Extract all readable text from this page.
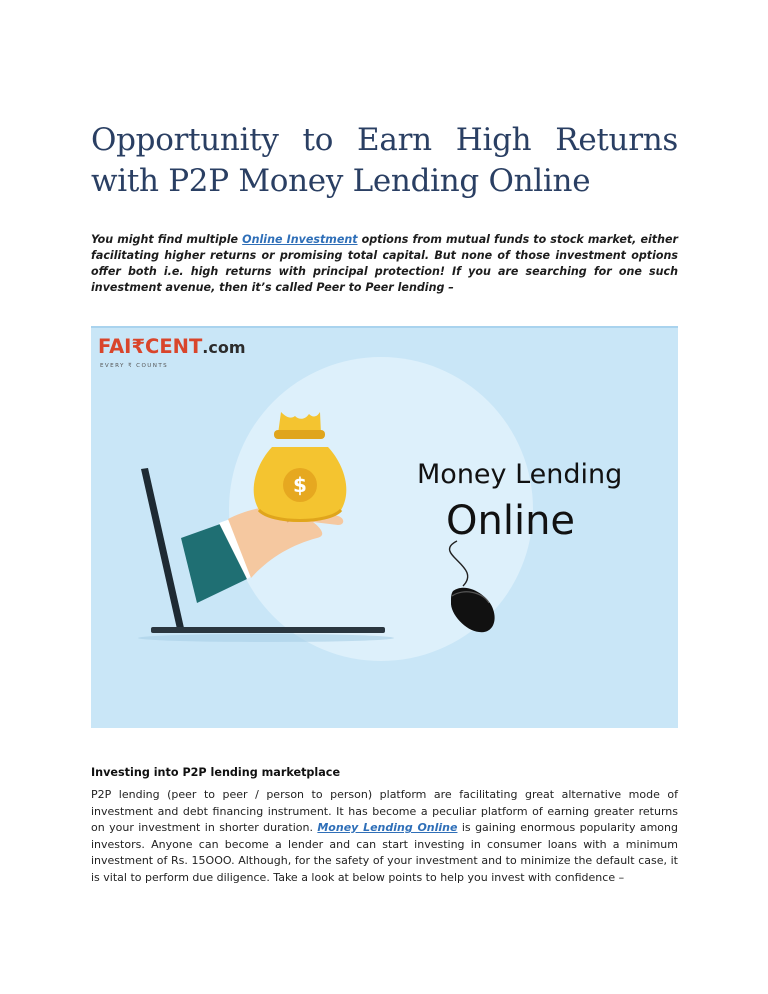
Opportunity to Earn High Returns with P2P Money Lending Online

You might find multiple Online Investment options from mutual funds to stock market, either facilitating higher returns or promising total capital. But none of those investment options offer both i.e. high returns with principal protection! If you are searching for one such investment avenue, then it’s called Peer to Peer lending –

FAI₹CENT.com
EVERY ₹ COUNTS
$	Money Lending
Online
Investing into P2P lending marketplace

P2P lending (peer to peer / person to person) platform are facilitating great alternative mode of investment and debt financing instrument. It has become a peculiar platform of earning greater returns on your investment in shorter duration. Money Lending Online is gaining enormous popularity among investors. Anyone can become a lender and can start investing in consumer loans with a minimum investment of Rs. 15OOO. Although, for the safety of your investment and to minimize the default case, it is vital to perform due diligence. Take a look at below points to help you invest with confidence –
